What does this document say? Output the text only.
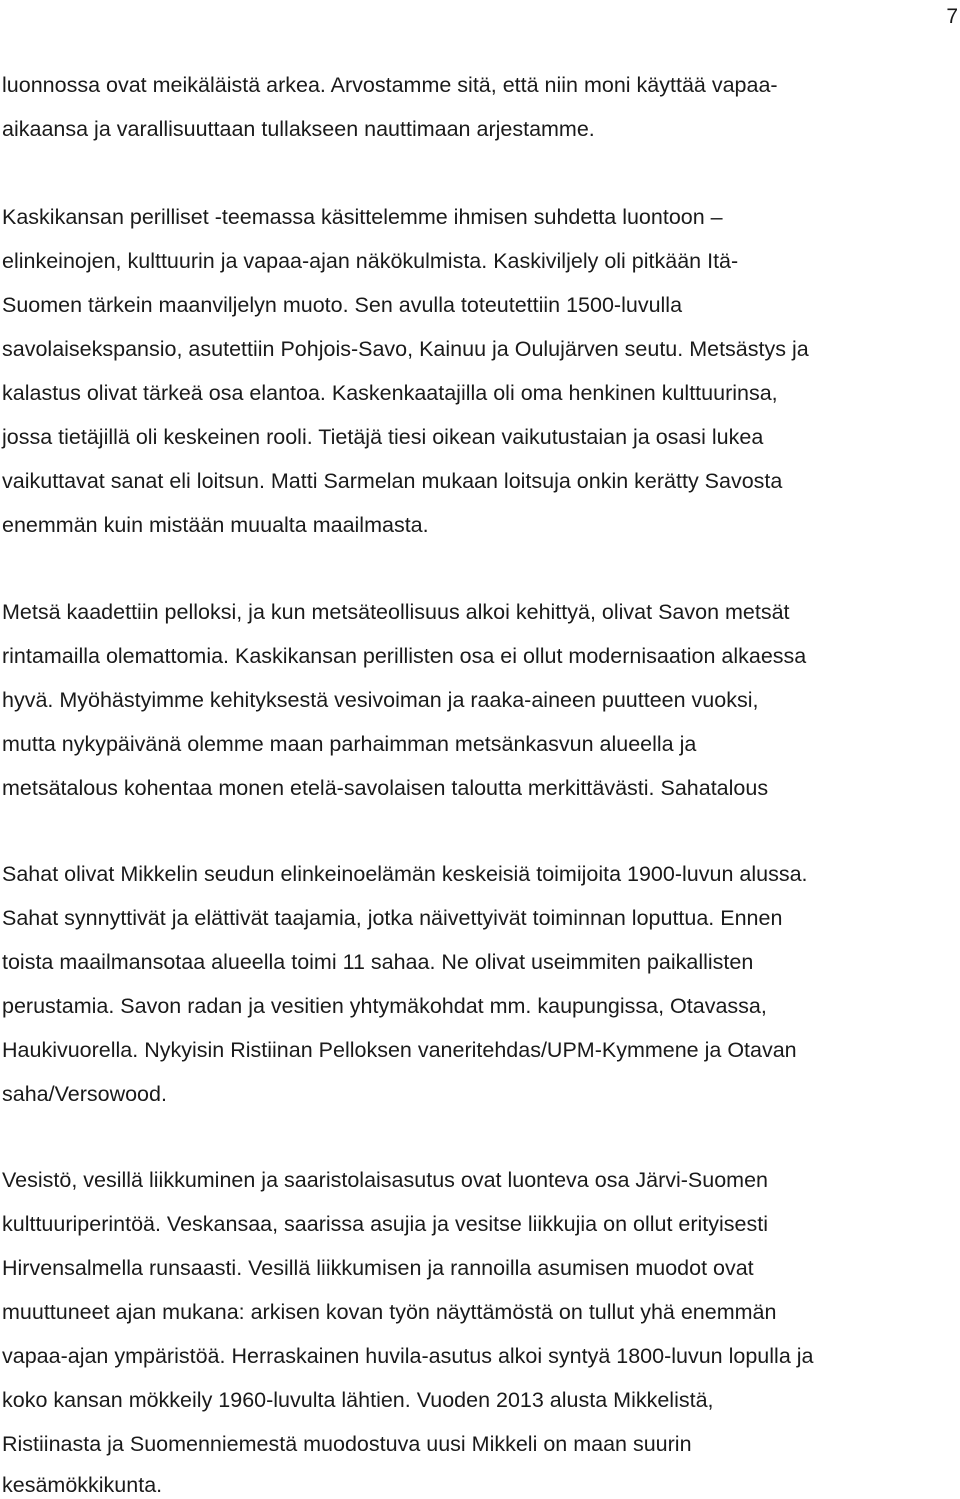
7
luonnossa ovat meikäläistä arkea. Arvostamme sitä, että niin moni käyttää vapaa-
aikaansa ja varallisuuttaan tullakseen nauttimaan arjestamme.
Kaskikansan perilliset -teemassa käsittelemme ihmisen suhdetta luontoon –
elinkeinojen, kulttuurin ja vapaa-ajan näkökulmista. Kaskiviljely oli pitkään Itä-
Suomen tärkein maanviljelyn muoto. Sen avulla toteutettiin 1500-luvulla
savolaisekspansio, asutettiin Pohjois-Savo, Kainuu ja Oulujärven seutu. Metsästys ja
kalastus olivat tärkeä osa elantoa. Kaskenkaatajilla oli oma henkinen kulttuurinsa,
jossa tietäjillä oli keskeinen rooli. Tietäjä tiesi oikean vaikutustaian ja osasi lukea
vaikuttavat sanat eli loitsun. Matti Sarmelan mukaan loitsuja onkin kerätty Savosta
enemmän kuin mistään muualta maailmasta.
Metsä kaadettiin pelloksi, ja kun metsäteollisuus alkoi kehittyä, olivat Savon metsät
rintamailla olemattomia. Kaskikansan perillisten osa ei ollut modernisaation alkaessa
hyvä. Myöhästyimme kehityksestä vesivoiman ja raaka-aineen puutteen vuoksi,
mutta nykypäivänä olemme maan parhaimman metsänkasvun alueella ja
metsätalous kohentaa monen etelä-savolaisen taloutta merkittävästi. Sahatalous
Sahat olivat Mikkelin seudun elinkeinoelämän keskeisiä toimijoita 1900-luvun alussa.
Sahat synnyttivät ja elättivät taajamia, jotka näivettyivät toiminnan loputtua. Ennen
toista maailmansotaa alueella toimi 11 sahaa. Ne olivat useimmiten paikallisten
perustamia. Savon radan ja vesitien yhtymäkohdat mm. kaupungissa, Otavassa,
Haukivuorella. Nykyisin Ristiinan Pelloksen vaneritehdas/UPM-Kymmene ja Otavan
saha/Versowood.
Vesistö, vesillä liikkuminen ja saaristolaisasutus ovat luonteva osa Järvi-Suomen
kulttuuriperintöä. Veskansaa, saarissa asujia ja vesitse liikkujia on ollut erityisesti
Hirvensalmella runsaasti. Vesillä liikkumisen ja rannoilla asumisen muodot ovat
muuttuneet ajan mukana: arkisen kovan työn näyttämöstä on tullut yhä enemmän
vapaa-ajan ympäristöä. Herraskainen huvila-asutus alkoi syntyä 1800-luvun lopulla ja
koko kansan mökkeily 1960-luvulta lähtien. Vuoden 2013 alusta Mikkelistä,
Ristiinasta ja Suomenniemestä muodostuva uusi Mikkeli on maan suurin
kesämökkikunta.
